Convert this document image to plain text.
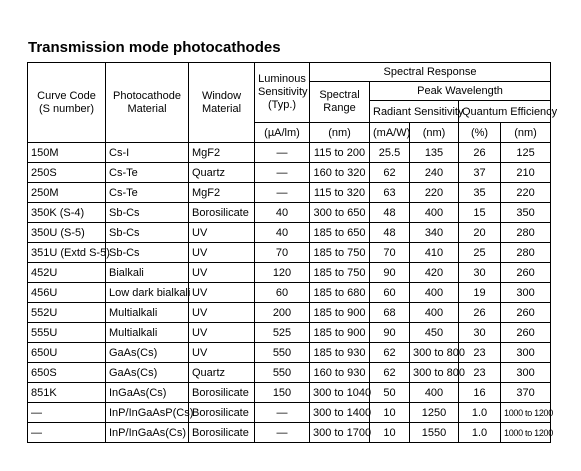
Transmission mode photocathodes
Curve Code (S number)	Photocathode Material	Window Material	Luminous Sensitivity (Typ.)	Spectral Response				
				Spectral Range	Peak Wavelength			
					Radiant Sensitivity		Quantum Efficiency	
			(µA/lm)	(nm)	(mA/W)	(nm)	(%)	(nm)
150M	Cs-I	MgF2	—	115 to 200	25.5	135	26	125
250S	Cs-Te	Quartz	—	160 to 320	62	240	37	210
250M	Cs-Te	MgF2	—	115 to 320	63	220	35	220
350K (S-4)	Sb-Cs	Borosilicate	40	300 to 650	48	400	15	350
350U (S-5)	Sb-Cs	UV	40	185 to 650	48	340	20	280
351U (Extd S-5)	Sb-Cs	UV	70	185 to 750	70	410	25	280
452U	Bialkali	UV	120	185 to 750	90	420	30	260
456U	Low dark bialkali	UV	60	185 to 680	60	400	19	300
552U	Multialkali	UV	200	185 to 900	68	400	26	260
555U	Multialkali	UV	525	185 to 900	90	450	30	260
650U	GaAs(Cs)	UV	550	185 to 930	62	300 to 800	23	300
650S	GaAs(Cs)	Quartz	550	160 to 930	62	300 to 800	23	300
851K	InGaAs(Cs)	Borosilicate	150	300 to 1040	50	400	16	370
—	InP/InGaAsP(Cs)	Borosilicate	—	300 to 1400	10	1250	1.0	1000 to 1200
—	InP/InGaAs(Cs)	Borosilicate	—	300 to 1700	10	1550	1.0	1000 to 1200
